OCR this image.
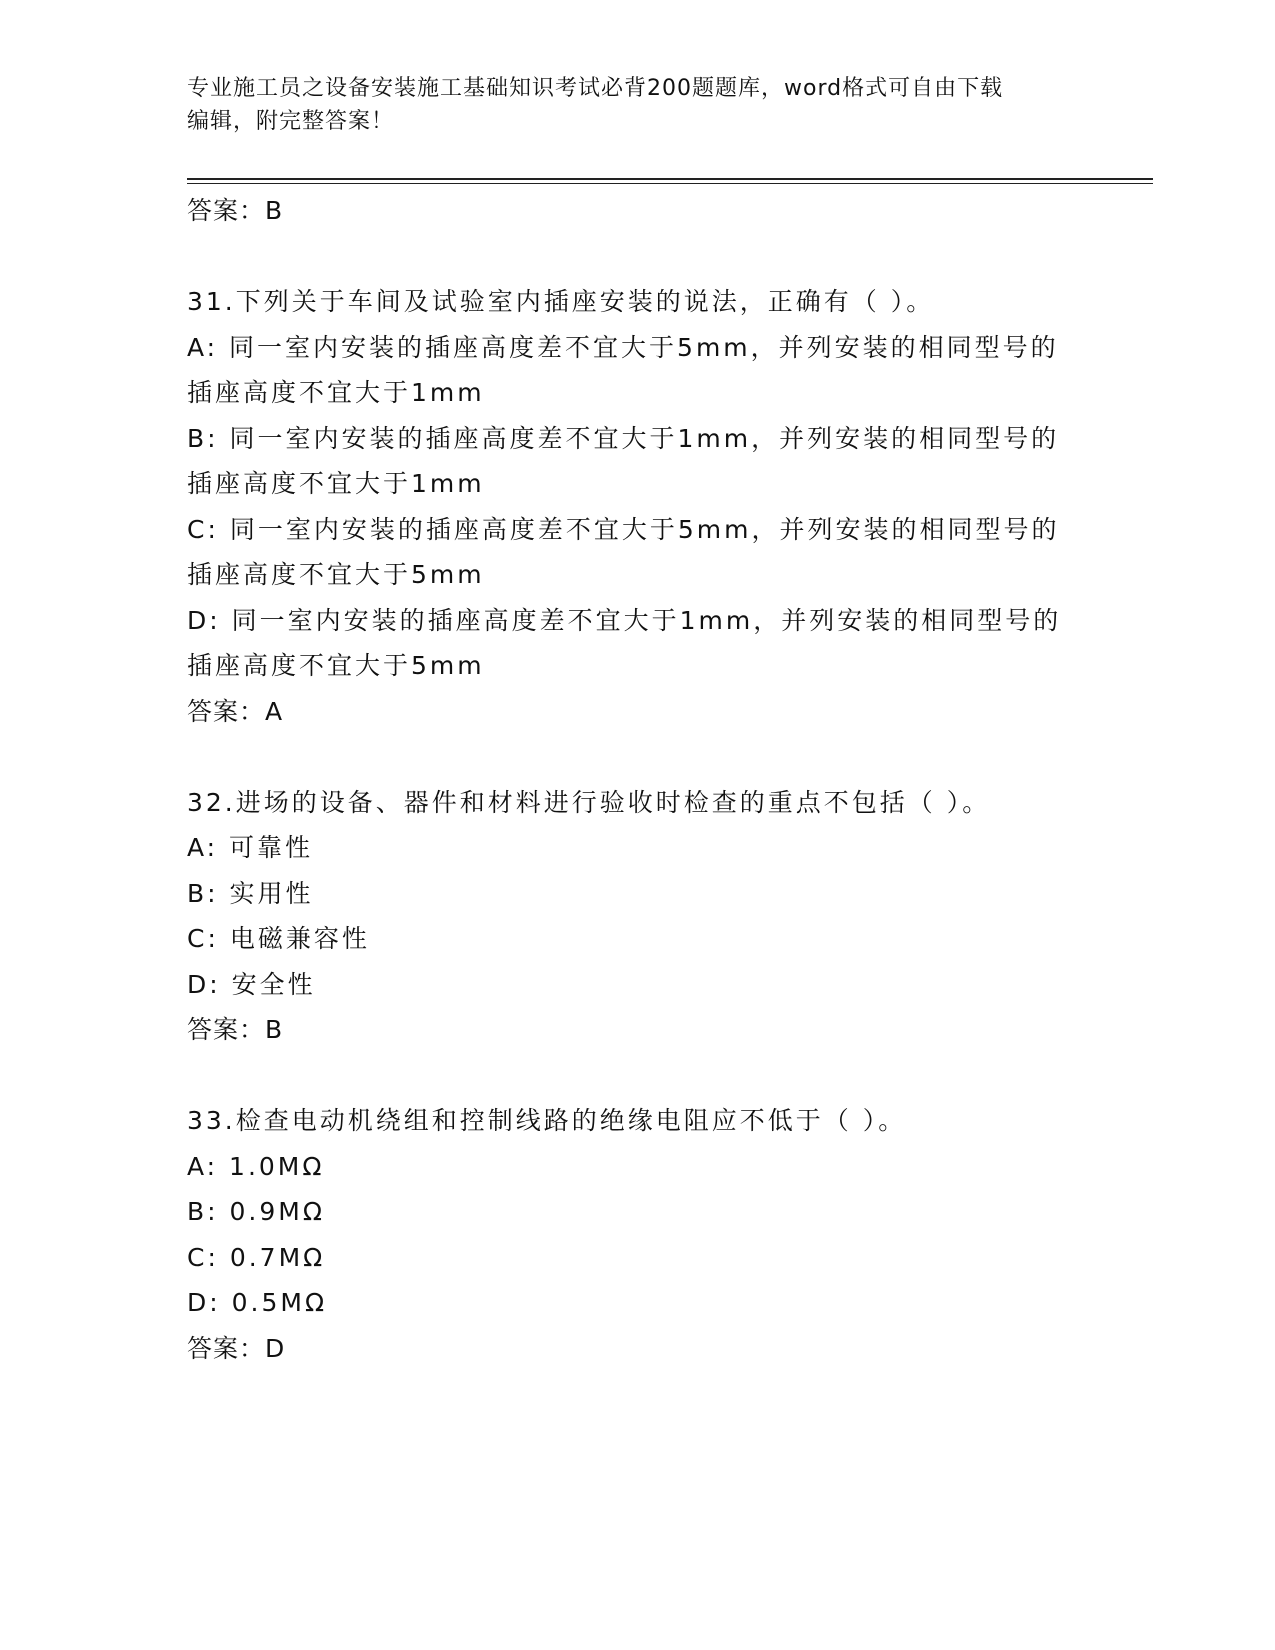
专业施工员之设备安装施工基础知识考试必背200题题库，word格式可自由下载
编辑，附完整答案！
答案：B
31.下列关于车间及试验室内插座安装的说法，正确有（ ）。
A: 同一室内安装的插座高度差不宜大于5mm，并列安装的相同型号的
插座高度不宜大于1mm
B: 同一室内安装的插座高度差不宜大于1mm，并列安装的相同型号的
插座高度不宜大于1mm
C: 同一室内安装的插座高度差不宜大于5mm，并列安装的相同型号的
插座高度不宜大于5mm
D: 同一室内安装的插座高度差不宜大于1mm，并列安装的相同型号的
插座高度不宜大于5mm
答案：A
32.进场的设备、器件和材料进行验收时检查的重点不包括（ ）。
A: 可靠性
B: 实用性
C: 电磁兼容性
D: 安全性
答案：B
33.检查电动机绕组和控制线路的绝缘电阻应不低于（ ）。
A: 1.0MΩ
B: 0.9MΩ
C: 0.7MΩ
D: 0.5MΩ
答案：D
